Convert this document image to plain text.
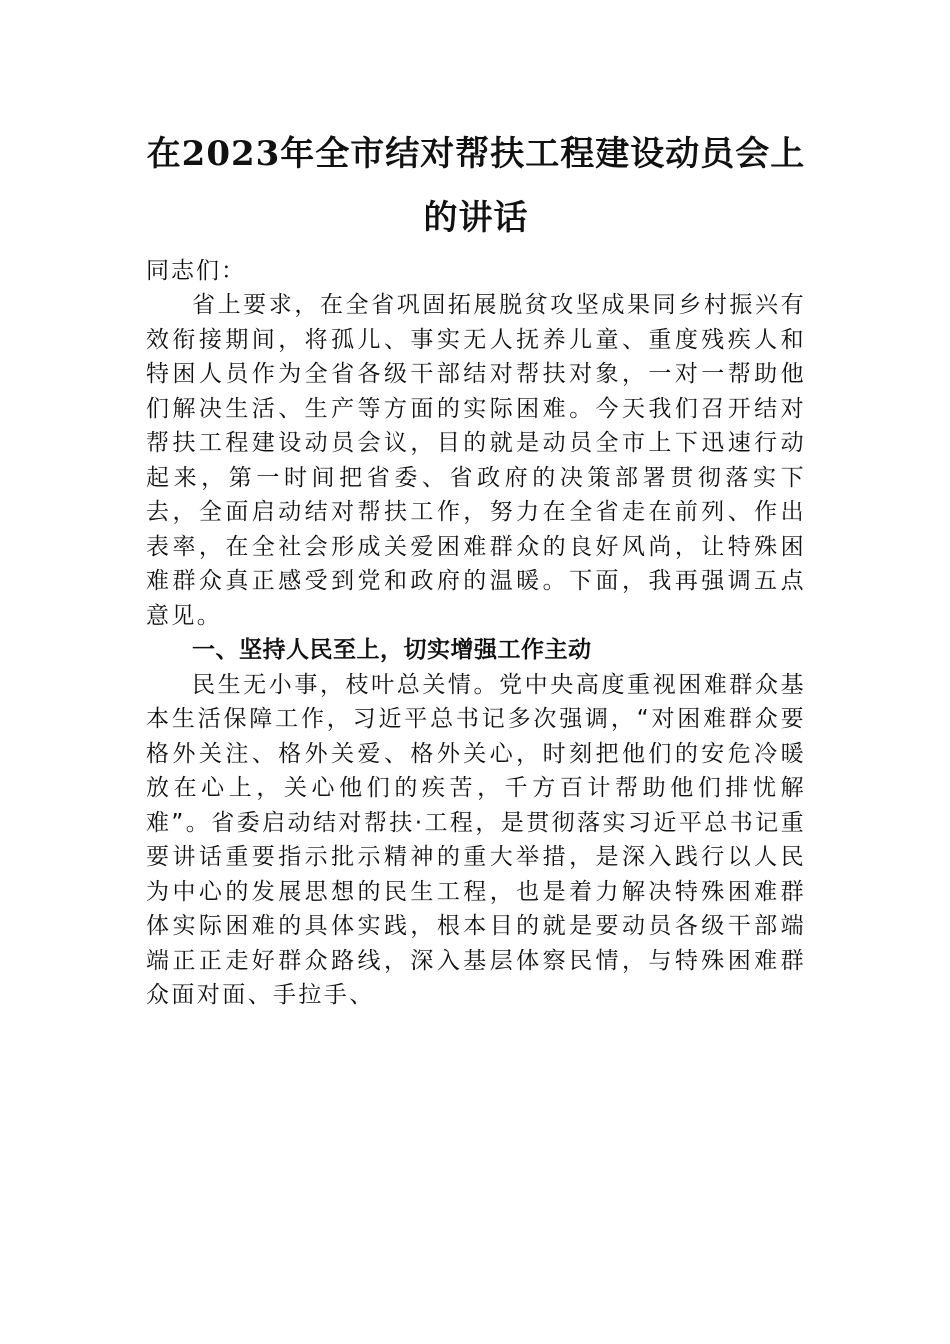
在2023年全市结对帮扶工程建设动员会上
的讲话

同志们：

省上要求，在全省巩固拓展脱贫攻坚成果同乡村振兴有效衔接期间，将孤儿、事实无人抚养儿童、重度残疾人和特困人员作为全省各级干部结对帮扶对象，一对一帮助他们解决生活、生产等方面的实际困难。今天我们召开结对帮扶工程建设动员会议，目的就是动员全市上下迅速行动起来，第一时间把省委、省政府的决策部署贯彻落实下去，全面启动结对帮扶工作，努力在全省走在前列、作出表率，在全社会形成关爱困难群众的良好风尚，让特殊困难群众真正感受到党和政府的温暖。下面，我再强调五点意见。

一、坚持人民至上，切实增强工作主动

民生无小事，枝叶总关情。党中央高度重视困难群众基本生活保障工作，习近平总书记多次强调，“对困难群众要格外关注、格外关爱、格外关心，时刻把他们的安危冷暖放在心上，关心他们的疾苦，千方百计帮助他们排忧解难”。省委启动结对帮扶·工程，是贯彻落实习近平总书记重要讲话重要指示批示精神的重大举措，是深入践行以人民为中心的发展思想的民生工程，也是着力解决特殊困难群体实际困难的具体实践，根本目的就是要动员各级干部端端正正走好群众路线，深入基层体察民情，与特殊困难群众面对面、手拉手、
